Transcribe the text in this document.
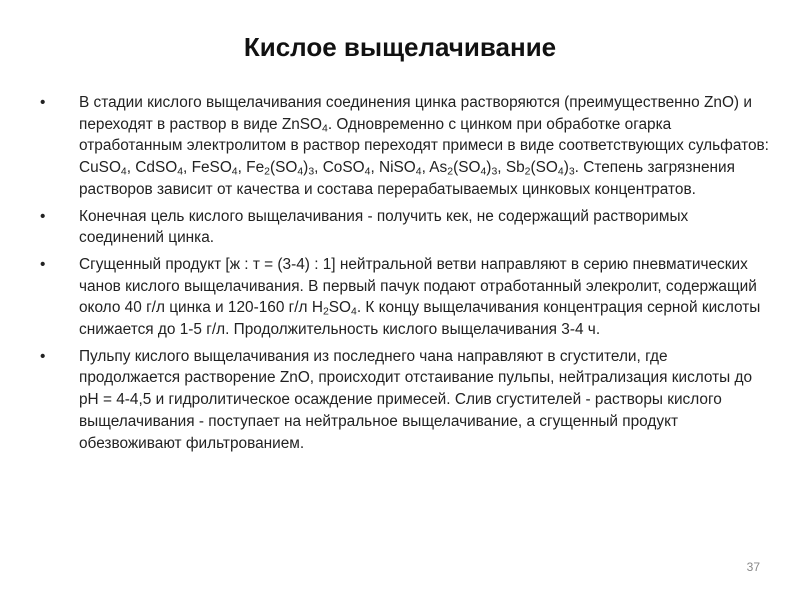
Кислое выщелачивание
• В стадии кислого выщелачивания соединения цинка растворяются (преимущественно ZnO) и переходят в раствор в виде ZnSO$_4$. Одновременно с цинком при обработке огарка отработанным электролитом в раствор переходят примеси в виде соответствующих сульфатов: CuSO$_4$, CdSO$_4$, FeSO$_4$, $Fe_2(SO_4)_3$, CoSO$_4$, NiSO$_4$, $As_2(SO_4)_3$, $Sb_2(SO_4)_3$. Степень загрязнения растворов зависит от качества и состава перерабатываемых цинковых концентратов.
• Конечная цель кислого выщелачивания - получить кек, не содержащий растворимых соединений цинка.
• Сгущенный продукт [ж : т = (3-4) : 1] нейтральной ветви направляют в серию пневматических чанов кислого выщелачивания. В первый пачук подают отработанный элекролит, содержащий около 40 г/л цинка и 120-160 г/л $H_2SO_4$. К концу выщелачивания концентрация серной кислоты снижается до 1-5 г/л. Продолжительность кислого выщелачивания 3-4 ч.
• Пульпу кислого выщелачивания из последнего чана направляют в сгустители, где продолжается растворение ZnO, происходит отстаивание пульпы, нейтрализация кислоты до pH = 4-4,5 и гидролитическое осаждение примесей. Слив сгустителей - растворы кислого выщелачивания - поступает на нейтральное выщелачивание, а сгущенный продукт обезвоживают фильтрованием.
37
